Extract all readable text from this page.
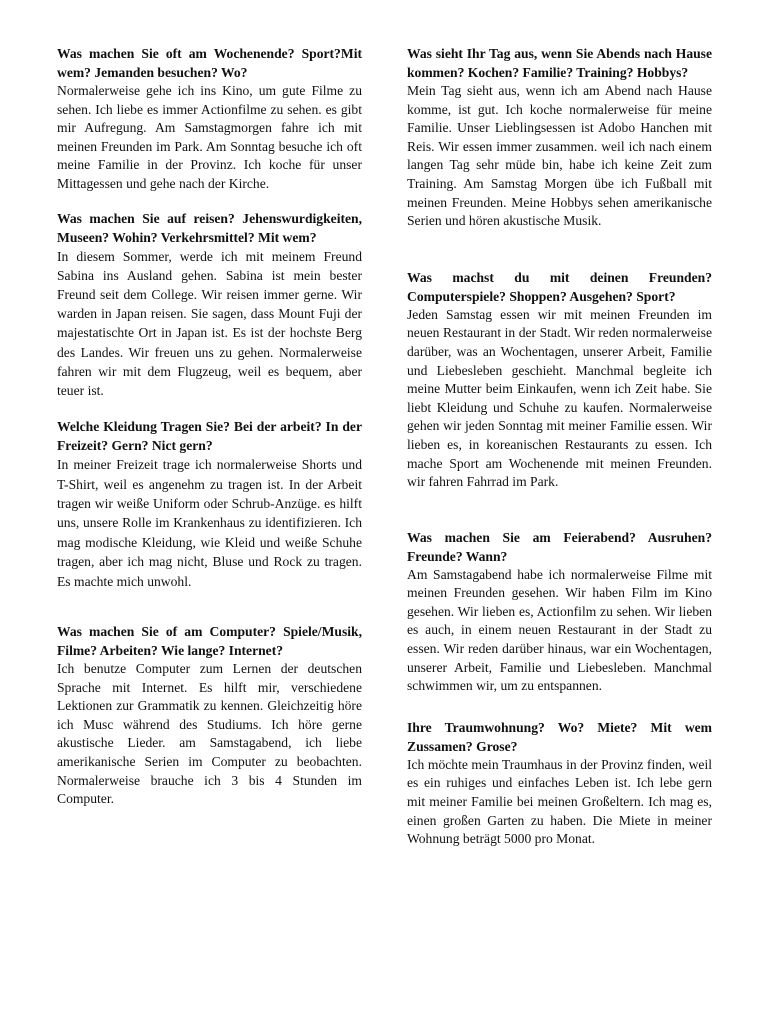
Was machen Sie oft am Wochenende? Sport?Mit wem? Jemanden besuchen? Wo?

Normalerweise gehe ich ins Kino, um gute Filme zu sehen. Ich liebe es immer Actionfilme zu sehen. es gibt mir Aufregung. Am Samstagmorgen fahre ich mit meinen Freunden im Park. Am Sonntag besuche ich oft meine Familie in der Provinz. Ich koche für unser Mittagessen und gehe nach der Kirche.

Was machen Sie auf reisen? Jehenswurdigkeiten, Museen? Wohin? Verkehrsmittel? Mit wem?

In diesem Sommer, werde ich mit meinem Freund Sabina ins Ausland gehen. Sabina ist mein bester Freund seit dem College. Wir reisen immer gerne. Wir warden in Japan reisen. Sie sagen, dass Mount Fuji der majestatischte Ort in Japan ist. Es ist der hochste Berg des Landes. Wir freuen uns zu gehen. Normalerweise fahren wir mit dem Flugzeug, weil es bequem, aber teuer ist.

Welche Kleidung Tragen Sie? Bei der arbeit? In der Freizeit? Gern? Nict gern?

In meiner Freizeit trage ich normalerweise Shorts und T-Shirt, weil es angenehm zu tragen ist. In der Arbeit tragen wir weiße Uniform oder Schrub-Anzüge. es hilft uns, unsere Rolle im Krankenhaus zu identifizieren. Ich mag modische Kleidung, wie Kleid und weiße Schuhe tragen, aber ich mag nicht, Bluse und Rock zu tragen. Es machte mich unwohl.

Was machen Sie of am Computer? Spiele/Musik, Filme? Arbeiten? Wie lange? Internet?

Ich benutze Computer zum Lernen der deutschen Sprache mit Internet. Es hilft mir, verschiedene Lektionen zur Grammatik zu kennen. Gleichzeitig höre ich Musc während des Studiums. Ich höre gerne akustische Lieder. am Samstagabend, ich liebe amerikanische Serien im Computer zu beobachten. Normalerweise brauche ich 3 bis 4 Stunden im Computer.

Was sieht Ihr Tag aus, wenn Sie Abends nach Hause kommen? Kochen? Familie? Training? Hobbys?

Mein Tag sieht aus, wenn ich am Abend nach Hause komme, ist gut. Ich koche normalerweise für meine Familie. Unser Lieblingsessen ist Adobo Hanchen mit Reis. Wir essen immer zusammen. weil ich nach einem langen Tag sehr müde bin, habe ich keine Zeit zum Training. Am Samstag Morgen übe ich Fußball mit meinen Freunden. Meine Hobbys sehen amerikanische Serien und hören akustische Musik.

Was machst du mit deinen Freunden? Computerspiele? Shoppen? Ausgehen? Sport?

Jeden Samstag essen wir mit meinen Freunden im neuen Restaurant in der Stadt. Wir reden normalerweise darüber, was an Wochentagen, unserer Arbeit, Familie und Liebesleben geschieht. Manchmal begleite ich meine Mutter beim Einkaufen, wenn ich Zeit habe. Sie liebt Kleidung und Schuhe zu kaufen. Normalerweise gehen wir jeden Sonntag mit meiner Familie essen. Wir lieben es, in koreanischen Restaurants zu essen. Ich mache Sport am Wochenende mit meinen Freunden. wir fahren Fahrrad im Park.

Was machen Sie am Feierabend? Ausruhen?Freunde? Wann?

Am Samstagabend habe ich normalerweise Filme mit meinen Freunden gesehen. Wir haben Film im Kino gesehen. Wir lieben es, Actionfilm zu sehen. Wir lieben es auch, in einem neuen Restaurant in der Stadt zu essen. Wir reden darüber hinaus, war ein Wochentagen, unserer Arbeit, Familie und Liebesleben. Manchmal schwimmen wir, um zu entspannen.

Ihre Traumwohnung? Wo? Miete? Mit wem Zussamen? Grose?

Ich möchte mein Traumhaus in der Provinz finden, weil es ein ruhiges und einfaches Leben ist. Ich lebe gern mit meiner Familie bei meinen Großeltern. Ich mag es, einen großen Garten zu haben. Die Miete in meiner Wohnung beträgt 5000 pro Monat.
